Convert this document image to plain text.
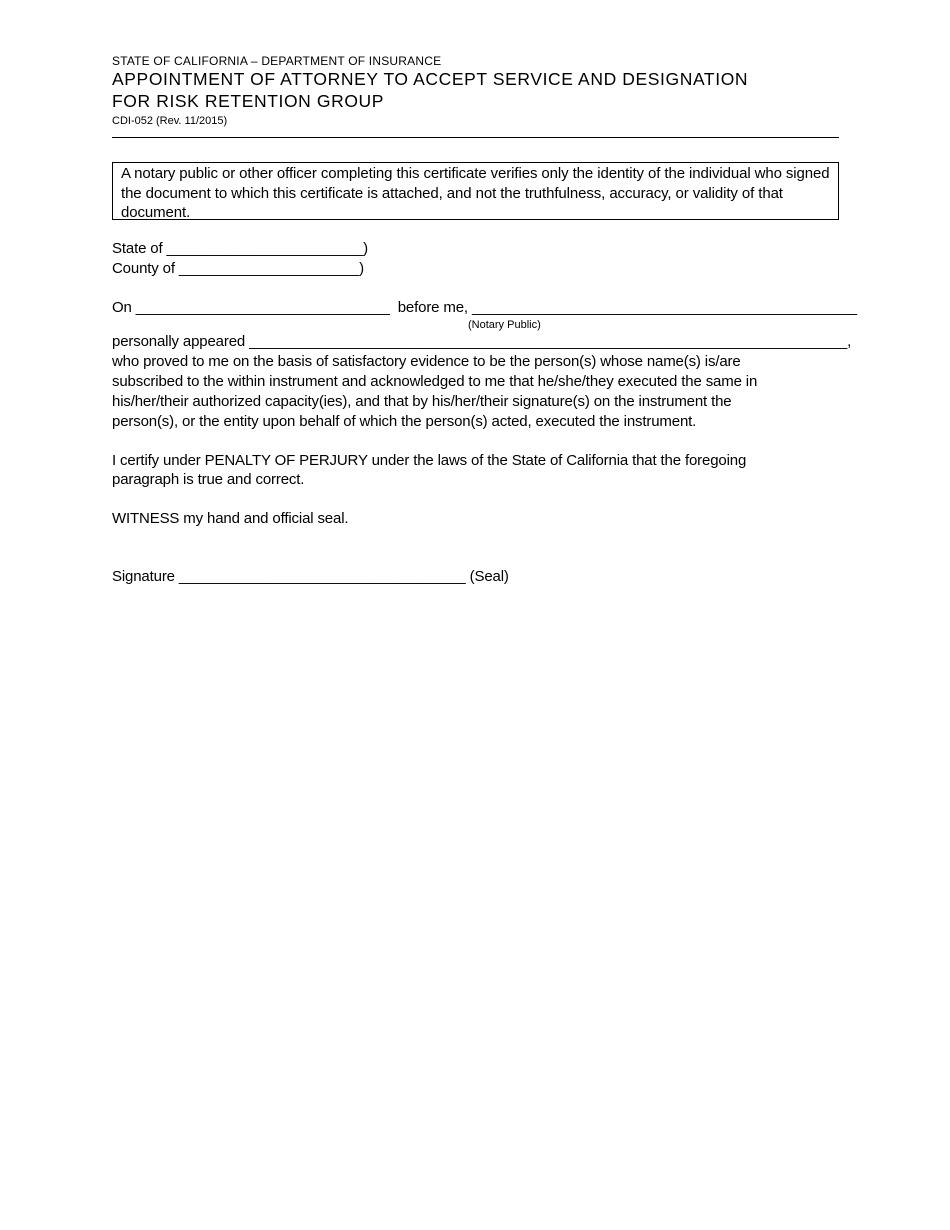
STATE OF CALIFORNIA – DEPARTMENT OF INSURANCE
APPOINTMENT OF ATTORNEY TO ACCEPT SERVICE AND DESIGNATION
FOR RISK RETENTION GROUP
CDI-052 (Rev. 11/2015)
A notary public or other officer completing this certificate verifies only the identity of the individual who signed the document to which this certificate is attached, and not the truthfulness, accuracy, or validity of that document.
State of ________________________)
County of ______________________)
On _______________________________  before me, _______________________________________________
(Notary Public)
personally appeared _________________________________________________________________________,
who proved to me on the basis of satisfactory evidence to be the person(s) whose name(s) is/are
subscribed to the within instrument and acknowledged to me that he/she/they executed the same in
his/her/their authorized capacity(ies), and that by his/her/their signature(s) on the instrument the
person(s), or the entity upon behalf of which the person(s) acted, executed the instrument.
I certify under PENALTY OF PERJURY under the laws of the State of California that the foregoing
paragraph is true and correct.
WITNESS my hand and official seal.
Signature ___________________________________ (Seal)
